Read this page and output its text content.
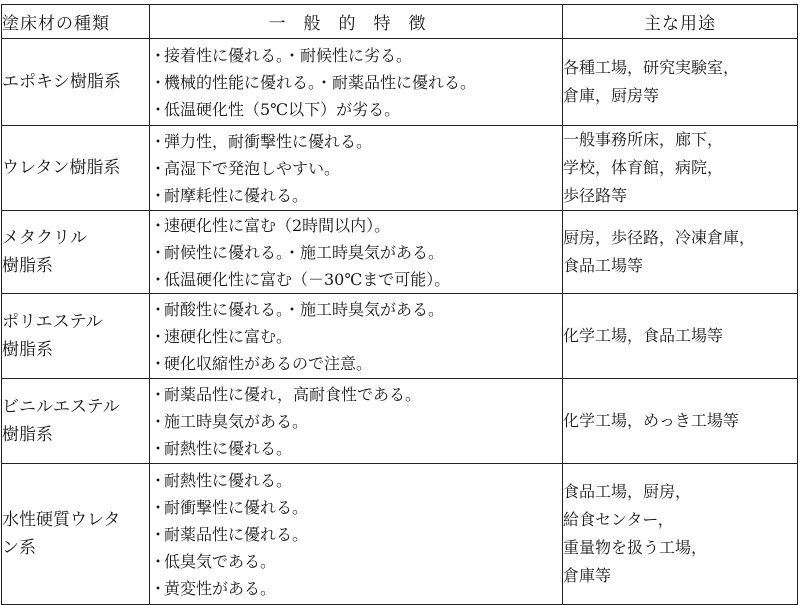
塗床材の種類	一般的特徴	主な用途

エポキシ樹脂系	・接着性に優れる。・耐候性に劣る。
・機械的性能に優れる。・耐薬品性に優れる。
・低温硬化性（5℃以下）が劣る。	各種工場，研究実験室，
倉庫，厨房等

ウレタン樹脂系	・弾力性，耐衝撃性に優れる。
・高湿下で発泡しやすい。
・耐摩耗性に優れる。	一般事務所床，廊下，
学校，体育館，病院，
歩径路等

メタクリル
樹脂系	・速硬化性に富む（2時間以内）。
・耐候性に優れる。・施工時臭気がある。
・低温硬化性に富む（－30℃まで可能）。	厨房，歩径路，冷凍倉庫，
食品工場等

ポリエステル
樹脂系	・耐酸性に優れる。・施工時臭気がある。
・速硬化性に富む。
・硬化収縮性があるので注意。	化学工場，食品工場等

ビニルエステル
樹脂系	・耐薬品性に優れ，高耐食性である。
・施工時臭気がある。
・耐熱性に優れる。	化学工場，めっき工場等

水性硬質ウレタ
ン系	・耐熱性に優れる。
・耐衝撃性に優れる。
・耐薬品性に優れる。
・低臭気である。
・黄変性がある。	食品工場，厨房，
給食センター，
重量物を扱う工場，
倉庫等
